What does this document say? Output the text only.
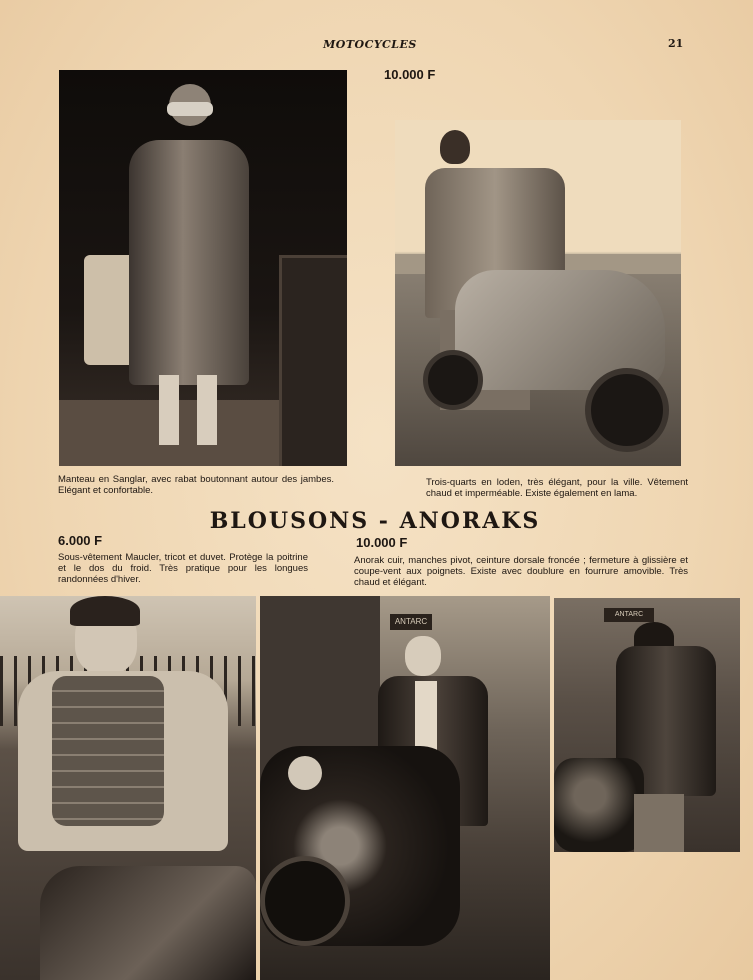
MOTOCYCLES	21
10.000 F
Manteau en Sanglar, avec rabat boutonnant autour des jambes. Elégant et confortable.
Trois-quarts en loden, très élégant, pour la ville. Vêtement chaud et imperméable. Existe également en lama.
BLOUSONS - ANORAKS
6.000 F	10.000 F
Sous-vêtement Maucler, tricot et duvet. Protège la poitrine et le dos du froid. Très pratique pour les longues randonnées d'hiver.
Anorak cuir, manches pivot, ceinture dorsale froncée ; fermeture à glissière et coupe-vent aux poignets. Existe avec doublure en fourrure amovible. Très chaud et élégant.
ANTARC
ANTARC
